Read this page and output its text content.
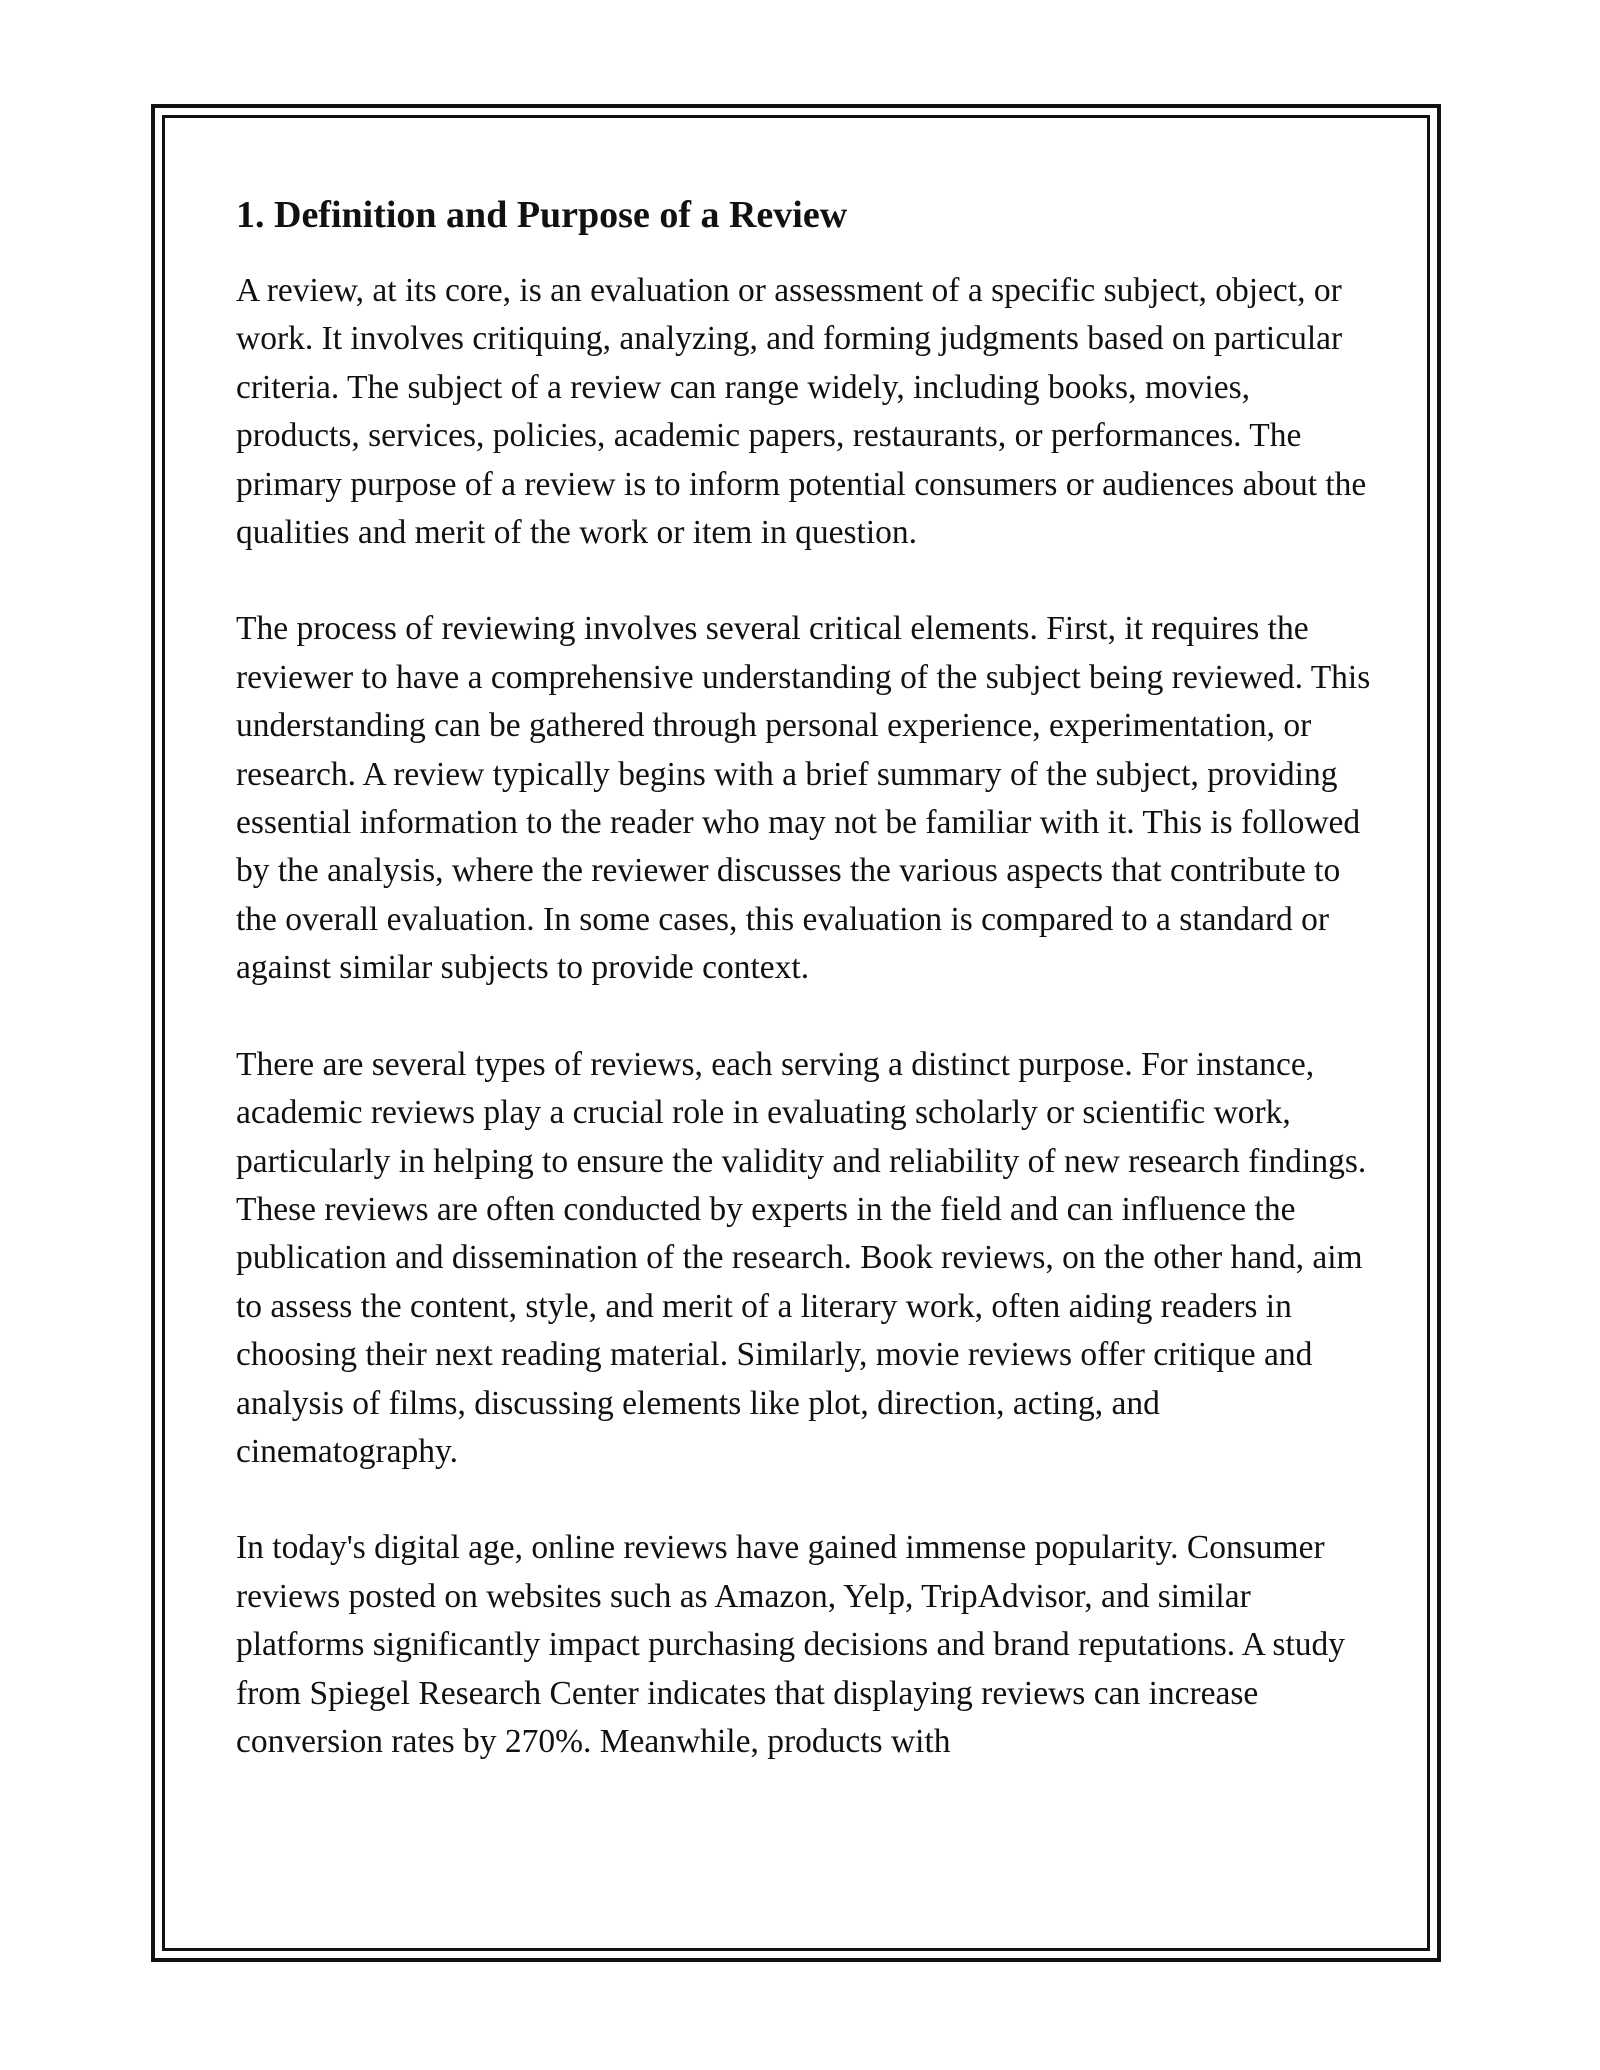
1. Definition and Purpose of a Review

A review, at its core, is an evaluation or assessment of a specific subject, object, or work. It involves critiquing, analyzing, and forming judgments based on particular criteria. The subject of a review can range widely, including books, movies, products, services, policies, academic papers, restaurants, or performances. The primary purpose of a review is to inform potential consumers or audiences about the qualities and merit of the work or item in question.

The process of reviewing involves several critical elements. First, it requires the reviewer to have a comprehensive understanding of the subject being reviewed. This understanding can be gathered through personal experience, experimentation, or research. A review typically begins with a brief summary of the subject, providing essential information to the reader who may not be familiar with it. This is followed by the analysis, where the reviewer discusses the various aspects that contribute to the overall evaluation. In some cases, this evaluation is compared to a standard or against similar subjects to provide context.

There are several types of reviews, each serving a distinct purpose. For instance, academic reviews play a crucial role in evaluating scholarly or scientific work, particularly in helping to ensure the validity and reliability of new research findings. These reviews are often conducted by experts in the field and can influence the publication and dissemination of the research. Book reviews, on the other hand, aim to assess the content, style, and merit of a literary work, often aiding readers in choosing their next reading material. Similarly, movie reviews offer critique and analysis of films, discussing elements like plot, direction, acting, and cinematography.

In today's digital age, online reviews have gained immense popularity. Consumer reviews posted on websites such as Amazon, Yelp, TripAdvisor, and similar platforms significantly impact purchasing decisions and brand reputations. A study from Spiegel Research Center indicates that displaying reviews can increase conversion rates by 270%. Meanwhile, products with
